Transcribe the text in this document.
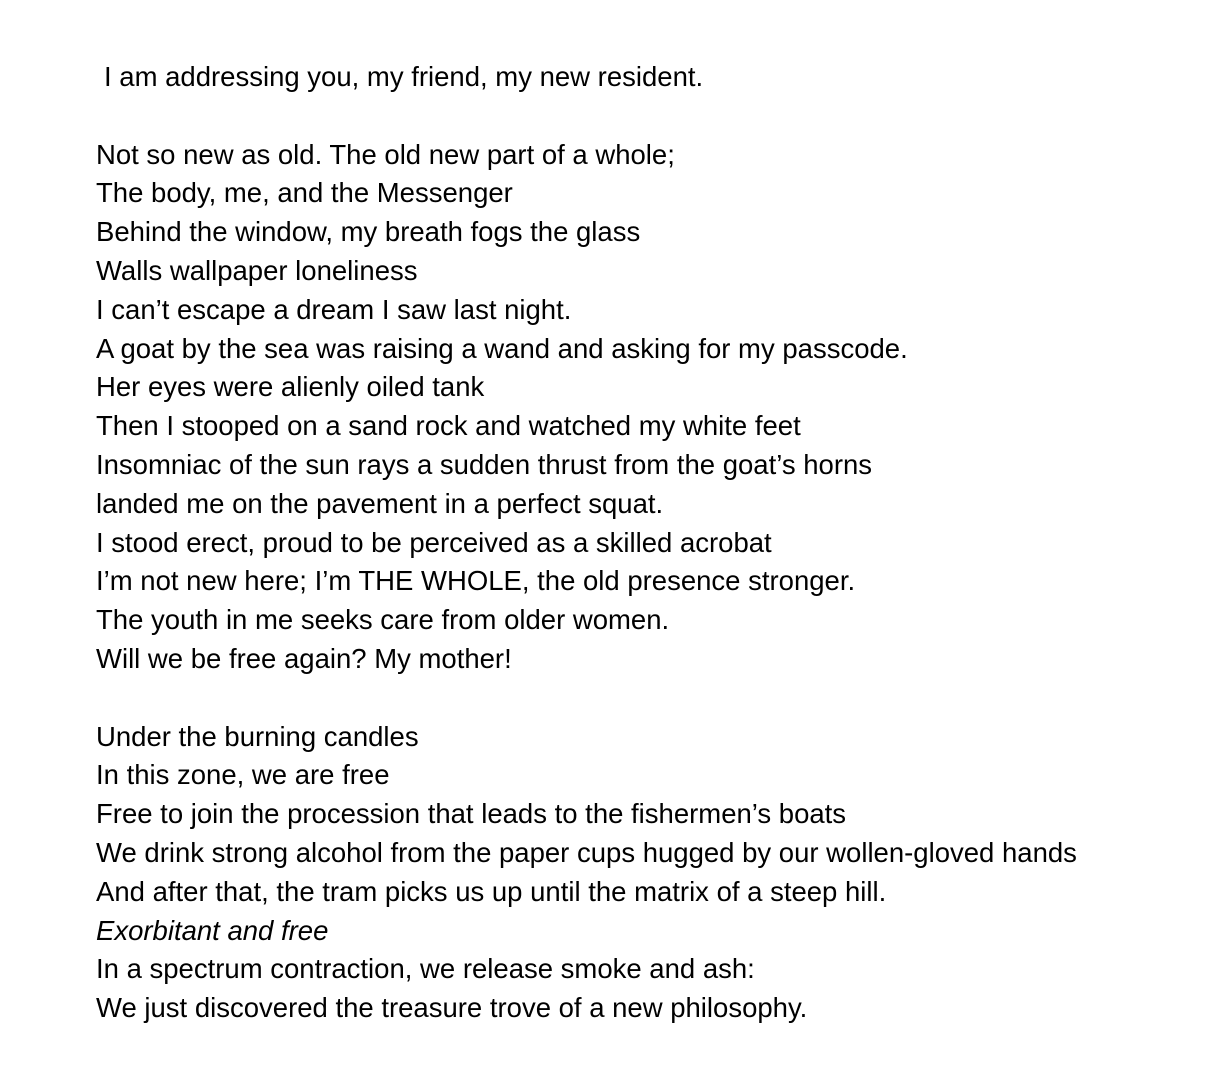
I am addressing you, my friend, my new resident.
Not so new as old. The old new part of a whole;
The body, me, and the Messenger
Behind the window, my breath fogs the glass
Walls wallpaper loneliness
I can’t escape a dream I saw last night.
A goat by the sea was raising a wand and asking for my passcode.
Her eyes were alienly oiled tank
Then I stooped on a sand rock and watched my white feet
Insomniac of the sun rays a sudden thrust from the goat’s horns
landed me on the pavement in a perfect squat.
I stood erect, proud to be perceived as a skilled acrobat
I’m not new here; I’m THE WHOLE, the old presence stronger.
The youth in me seeks care from older women.
Will we be free again? My mother!
Under the burning candles
In this zone, we are free
Free to join the procession that leads to the fishermen’s boats
We drink strong alcohol from the paper cups hugged by our wollen-gloved hands
And after that, the tram picks us up until the matrix of a steep hill.
Exorbitant and free
In a spectrum contraction, we release smoke and ash:
We just discovered the treasure trove of a new philosophy.
